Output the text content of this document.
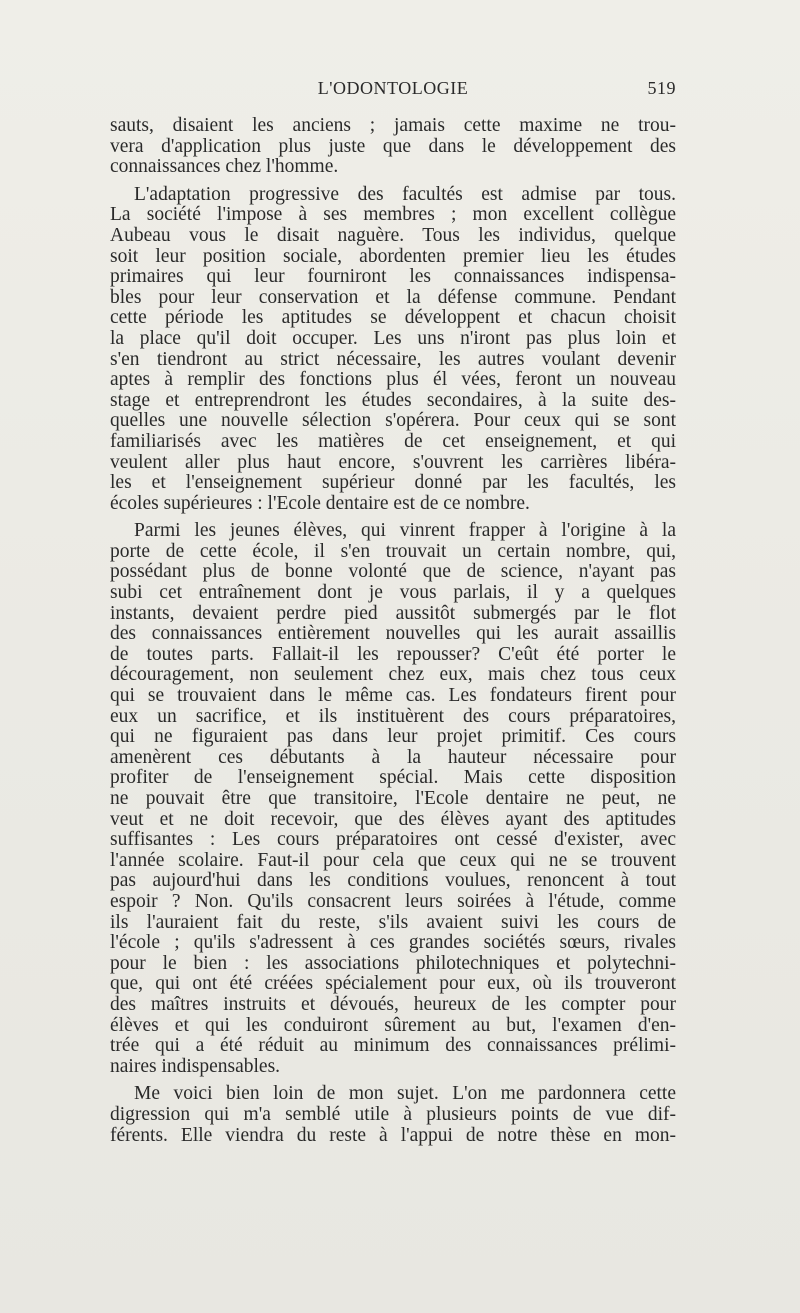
L'ODONTOLOGIE	519
sauts, disaient les anciens ; jamais cette maxime ne trou-
vera d'application plus juste que dans le développement des
connaissances chez l'homme.
L'adaptation progressive des facultés est admise par tous.
La société l'impose à ses membres ; mon excellent collègue
Aubeau vous le disait naguère. Tous les individus, quelque
soit leur position sociale, abordenten premier lieu les études
primaires qui leur fourniront les connaissances indispensa-
bles pour leur conservation et la défense commune. Pendant
cette période les aptitudes se développent et chacun choisit
la place qu'il doit occuper. Les uns n'iront pas plus loin et
s'en tiendront au strict nécessaire, les autres voulant devenir
aptes à remplir des fonctions plus él vées, feront un nouveau
stage et entreprendront les études secondaires, à la suite des-
quelles une nouvelle sélection s'opérera. Pour ceux qui se sont
familiarisés avec les matières de cet enseignement, et qui
veulent aller plus haut encore, s'ouvrent les carrières libéra-
les et l'enseignement supérieur donné par les facultés, les
écoles supérieures : l'Ecole dentaire est de ce nombre.
Parmi les jeunes élèves, qui vinrent frapper à l'origine à la
porte de cette école, il s'en trouvait un certain nombre, qui,
possédant plus de bonne volonté que de science, n'ayant pas
subi cet entraînement dont je vous parlais, il y a quelques
instants, devaient perdre pied aussitôt submergés par le flot
des connaissances entièrement nouvelles qui les aurait assaillis
de toutes parts. Fallait-il les repousser? C'eût été porter le
découragement, non seulement chez eux, mais chez tous ceux
qui se trouvaient dans le même cas. Les fondateurs firent pour
eux un sacrifice, et ils instituèrent des cours préparatoires,
qui ne figuraient pas dans leur projet primitif. Ces cours
amenèrent ces débutants à la hauteur nécessaire pour
profiter de l'enseignement spécial. Mais cette disposition
ne pouvait être que transitoire, l'Ecole dentaire ne peut, ne
veut et ne doit recevoir, que des élèves ayant des aptitudes
suffisantes : Les cours préparatoires ont cessé d'exister, avec
l'année scolaire. Faut-il pour cela que ceux qui ne se trouvent
pas aujourd'hui dans les conditions voulues, renoncent à tout
espoir ? Non. Qu'ils consacrent leurs soirées à l'étude, comme
ils l'auraient fait du reste, s'ils avaient suivi les cours de
l'école ; qu'ils s'adressent à ces grandes sociétés sœurs, rivales
pour le bien : les associations philotechniques et polytechni-
que, qui ont été créées spécialement pour eux, où ils trouveront
des maîtres instruits et dévoués, heureux de les compter pour
élèves et qui les conduiront sûrement au but, l'examen d'en-
trée qui a été réduit au minimum des connaissances prélimi-
naires indispensables.
Me voici bien loin de mon sujet. L'on me pardonnera cette
digression qui m'a semblé utile à plusieurs points de vue dif-
férents. Elle viendra du reste à l'appui de notre thèse en mon-
